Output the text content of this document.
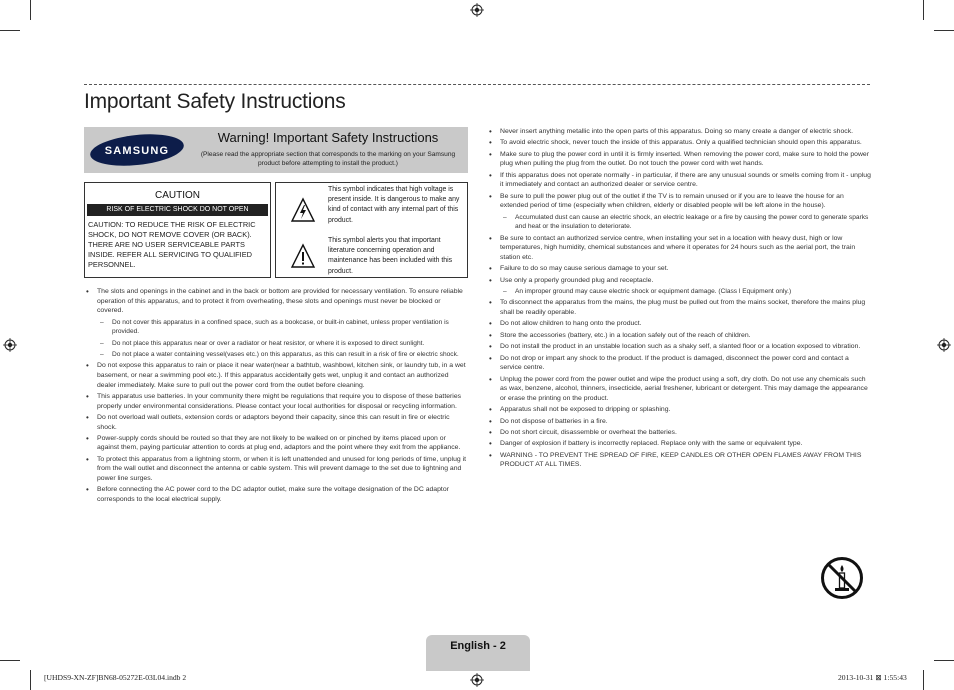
Important Safety Instructions
SAMSUNG
Warning! Important Safety Instructions
(Please read the appropriate section that corresponds to the marking on your Samsung product before attempting to install the product.)
CAUTION
RISK OF ELECTRIC SHOCK DO NOT OPEN
CAUTION: TO REDUCE THE RISK OF ELECTRIC SHOCK, DO NOT REMOVE COVER (OR BACK). THERE ARE NO USER SERVICEABLE PARTS INSIDE. REFER ALL SERVICING TO QUALIFIED PERSONNEL.
This symbol indicates that high voltage is present inside. It is dangerous to make any kind of contact with any internal part of this product.
This symbol alerts you that important literature concerning operation and maintenance has been included with this product.
• The slots and openings in the cabinet and in the back or bottom are provided for necessary ventilation. To ensure reliable operation of this apparatus, and to protect it from overheating, these slots and openings must never be blocked or covered.
– Do not cover this apparatus in a confined space, such as a bookcase, or built-in cabinet, unless proper ventilation is provided.
– Do not place this apparatus near or over a radiator or heat resistor, or where it is exposed to direct sunlight.
– Do not place a water containing vessel(vases etc.) on this apparatus, as this can result in a risk of fire or electric shock.
• Do not expose this apparatus to rain or place it near water(near a bathtub, washbowl, kitchen sink, or laundry tub, in a wet basement, or near a swimming pool etc.). If this apparatus accidentally gets wet, unplug it and contact an authorized dealer immediately. Make sure to pull out the power cord from the outlet before cleaning.
• This apparatus use batteries. In your community there might be regulations that require you to dispose of these batteries properly under environmental considerations. Please contact your local authorities for disposal or recycling information.
• Do not overload wall outlets, extension cords or adaptors beyond their capacity, since this can result in fire or electric shock.
• Power-supply cords should be routed so that they are not likely to be walked on or pinched by items placed upon or against them, paying particular attention to cords at plug end, adaptors and the point where they exit from the appliance.
• To protect this apparatus from a lightning storm, or when it is left unattended and unused for long periods of time, unplug it from the wall outlet and disconnect the antenna or cable system. This will prevent damage to the set due to lightning and power line surges.
• Before connecting the AC power cord to the DC adaptor outlet, make sure the voltage designation of the DC adaptor corresponds to the local electrical supply.
• Never insert anything metallic into the open parts of this apparatus. Doing so many create a danger of electric shock.
• To avoid electric shock, never touch the inside of this apparatus. Only a qualified technician should open this apparatus.
• Make sure to plug the power cord in until it is firmly inserted. When removing the power cord, make sure to hold the power plug when pulling the plug from the outlet. Do not touch the power cord with wet hands.
• If this apparatus does not operate normally - in particular, if there are any unusual sounds or smells coming from it - unplug it immediately and contact an authorized dealer or service centre.
• Be sure to pull the power plug out of the outlet if the TV is to remain unused or if you are to leave the house for an extended period of time (especially when children, elderly or disabled people will be left alone in the house).
– Accumulated dust can cause an electric shock, an electric leakage or a fire by causing the power cord to generate sparks and heat or the insulation to deteriorate.
• Be sure to contact an authorized service centre, when installing your set in a location with heavy dust, high or low temperatures, high humidity, chemical substances and where it operates for 24 hours such as the aerial port, the train station etc.
• Failure to do so may cause serious damage to your set.
• Use only a properly grounded plug and receptacle.
– An improper ground may cause electric shock or equipment damage. (Class l Equipment only.)
• To disconnect the apparatus from the mains, the plug must be pulled out from the mains socket, therefore the mains plug shall be readily operable.
• Do not allow children to hang onto the product.
• Store the accessories (battery, etc.) in a location safely out of the reach of children.
• Do not install the product in an unstable location such as a shaky self, a slanted floor or a location exposed to vibration.
• Do not drop or impart any shock to the product. If the product is damaged, disconnect the power cord and contact a service centre.
• Unplug the power cord from the power outlet and wipe the product using a soft, dry cloth. Do not use any chemicals such as wax, benzene, alcohol, thinners, insecticide, aerial freshener, lubricant or detergent. This may damage the appearance or erase the printing on the product.
• Apparatus shall not be exposed to dripping or splashing.
• Do not dispose of batteries in a fire.
• Do not short circuit, disassemble or overheat the batteries.
• Danger of explosion if battery is incorrectly replaced. Replace only with the same or equivalent type.
• WARNING - TO PREVENT THE SPREAD OF FIRE, KEEP CANDLES OR OTHER OPEN FLAMES AWAY FROM THIS PRODUCT AT ALL TIMES.
English - 2
[UHDS9-XN-ZF]BN68-05272E-03L04.indb 2	2013-10-31 ⊠ 1:55:43
